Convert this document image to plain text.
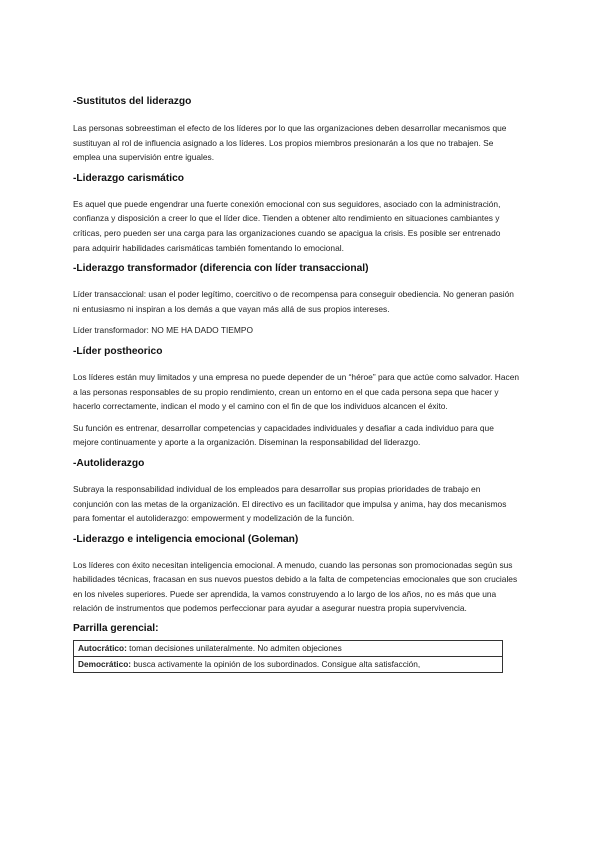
-Sustitutos del liderazgo

Las personas sobreestiman el efecto de los líderes por lo que las organizaciones deben desarrollar mecanismos que sustituyan al rol de influencia asignado a los líderes. Los propios miembros presionarán a los que no trabajen. Se emplea una supervisión entre iguales.

-Liderazgo carismático

Es aquel que puede engendrar una fuerte conexión emocional con sus seguidores, asociado con la administración, confianza y disposición a creer lo que el líder dice. Tienden a obtener alto rendimiento en situaciones cambiantes y críticas, pero pueden ser una carga para las organizaciones cuando se apacigua la crisis. Es posible ser entrenado para adquirir habilidades carismáticas también fomentando lo emocional.

-Liderazgo transformador (diferencia con líder transaccional)

Líder transaccional: usan el poder legítimo, coercitivo o de recompensa para conseguir obediencia. No generan pasión ni entusiasmo ni inspiran a los demás a que vayan más allá de sus propios intereses.

Líder transformador: NO ME HA DADO TIEMPO

-Líder postheorico

Los líderes están muy limitados y una empresa no puede depender de un “héroe” para que actúe como salvador. Hacen a las personas responsables de su propio rendimiento, crean un entorno en el que cada persona sepa que hacer y hacerlo correctamente, indican el modo y el camino con el fin de que los individuos alcancen el éxito.

Su función es entrenar, desarrollar competencias y capacidades individuales y desafiar a cada individuo para que mejore continuamente y aporte a la organización. Diseminan la responsabilidad del liderazgo.

-Autoliderazgo

Subraya la responsabilidad individual de los empleados para desarrollar sus propias prioridades de trabajo en conjunción con las metas de la organización. El directivo es un facilitador que impulsa y anima, hay dos mecanismos para fomentar el autoliderazgo: empowerment y modelización de la función.

-Liderazgo e inteligencia emocional (Goleman)

Los líderes con éxito necesitan inteligencia emocional. A menudo, cuando las personas son promocionadas según sus habilidades técnicas, fracasan en sus nuevos puestos debido a la falta de competencias emocionales que son cruciales en los niveles superiores. Puede ser aprendida, la vamos construyendo a lo largo de los años, no es más que una relación de instrumentos que podemos perfeccionar para ayudar a asegurar nuestra propia supervivencia.

Parrilla gerencial:
Autocrático: toman decisiones unilateralmente. No admiten objeciones
Democrático: busca activamente la opinión de los subordinados. Consigue alta satisfacción,
